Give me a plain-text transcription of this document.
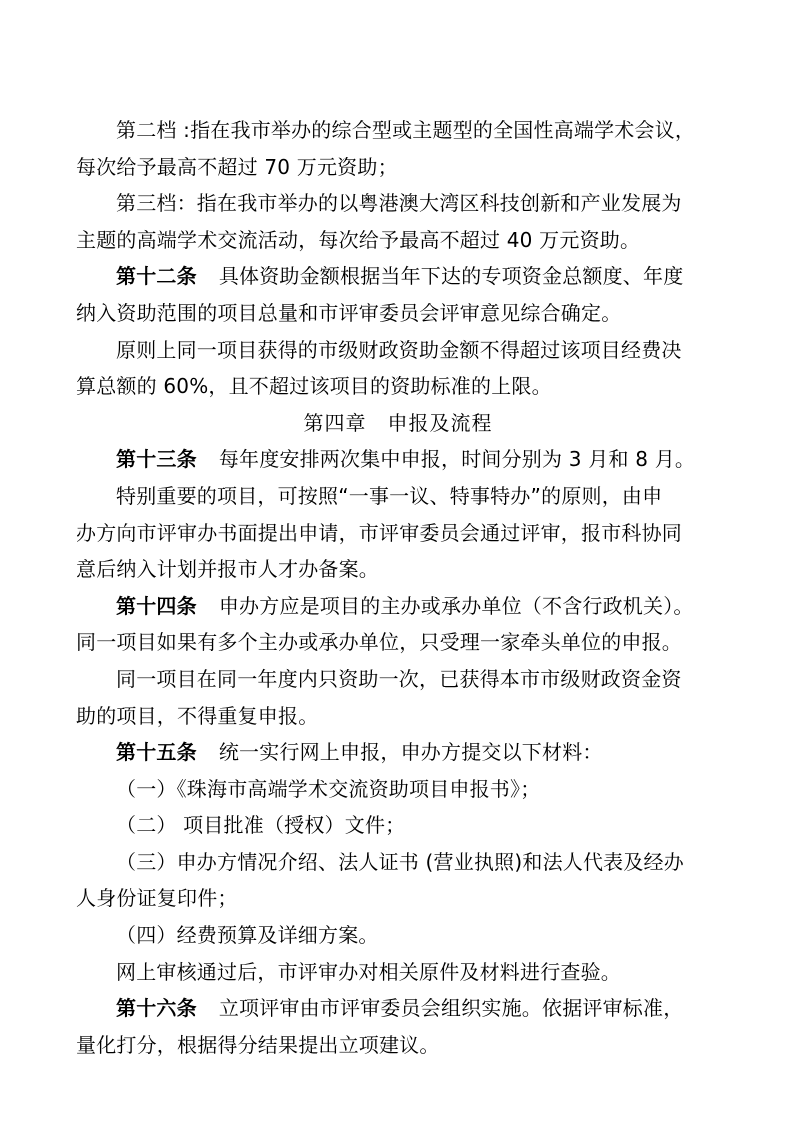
第二档 :指在我市举办的综合型或主题型的全国性高端学术会议，
每次给予最高不超过 70 万元资助；
第三档：指在我市举办的以粤港澳大湾区科技创新和产业发展为
主题的高端学术交流活动，每次给予最高不超过 40 万元资助。
第十二条 具体资助金额根据当年下达的专项资金总额度、年度
纳入资助范围的项目总量和市评审委员会评审意见综合确定。
原则上同一项目获得的市级财政资助金额不得超过该项目经费决
算总额的 60%，且不超过该项目的资助标准的上限。
第四章　申报及流程
第十三条 每年度安排两次集中申报，时间分别为 3 月和 8 月。
特别重要的项目，可按照“一事一议、特事特办”的原则，由申
办方向市评审办书面提出申请，市评审委员会通过评审，报市科协同
意后纳入计划并报市人才办备案。
第十四条 申办方应是项目的主办或承办单位（不含行政机关）。
同一项目如果有多个主办或承办单位，只受理一家牵头单位的申报。
同一项目在同一年度内只资助一次，已获得本市市级财政资金资
助的项目，不得重复申报。
第十五条 统一实行网上申报，申办方提交以下材料：
（一）《珠海市高端学术交流资助项目申报书》；
（二） 项目批准（授权）文件；
（三）申办方情况介绍、法人证书 (营业执照)和法人代表及经办
人身份证复印件；
（四）经费预算及详细方案。
网上审核通过后，市评审办对相关原件及材料进行查验。
第十六条 立项评审由市评审委员会组织实施。依据评审标准，
量化打分，根据得分结果提出立项建议。
